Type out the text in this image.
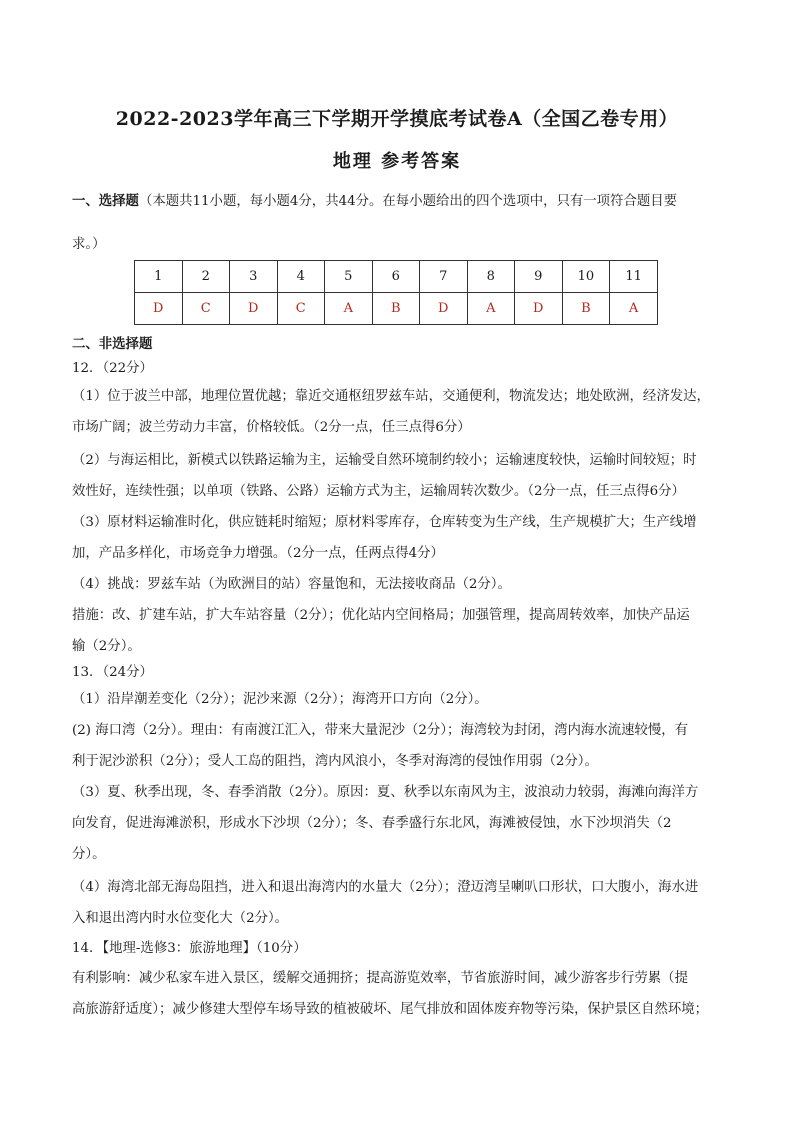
2022-2023学年高三下学期开学摸底考试卷A（全国乙卷专用）
地理 参考答案
一、选择题（本题共11小题，每小题4分，共44分。在每小题给出的四个选项中，只有一项符合题目要
求。）
1	2	3	4	5	6	7	8	9	10	11
D	C	D	C	A	B	D	A	D	B	A
二、非选择题
12．（22分）
（1）位于波兰中部，地理位置优越；靠近交通枢纽罗兹车站，交通便利，物流发达；地处欧洲，经济发达，
市场广阔；波兰劳动力丰富，价格较低。（2分一点，任三点得6分）
（2）与海运相比，新模式以铁路运输为主，运输受自然环境制约较小；运输速度较快，运输时间较短；时
效性好，连续性强；以单项（铁路、公路）运输方式为主，运输周转次数少。（2分一点，任三点得6分）
（3）原材料运输准时化，供应链耗时缩短；原材料零库存，仓库转变为生产线，生产规模扩大；生产线增
加，产品多样化，市场竞争力增强。（2分一点，任两点得4分）
（4）挑战：罗兹车站（为欧洲目的站）容量饱和，无法接收商品（2分）。
措施：改、扩建车站，扩大车站容量（2分）；优化站内空间格局；加强管理，提高周转效率，加快产品运
输（2分）。
13．（24分）
（1）沿岸潮差变化（2分）；泥沙来源（2分）；海湾开口方向（2分）。
(2) 海口湾（2分）。理由：有南渡江汇入，带来大量泥沙（2分）；海湾较为封闭，湾内海水流速较慢，有
利于泥沙淤积（2分）；受人工岛的阻挡，湾内风浪小，冬季对海湾的侵蚀作用弱（2分）。
（3）夏、秋季出现，冬、春季消散（2分）。原因：夏、秋季以东南风为主，波浪动力较弱，海滩向海洋方
向发育，促进海滩淤积，形成水下沙坝（2分）；冬、春季盛行东北风，海滩被侵蚀，水下沙坝消失（2
分）。
（4）海湾北部无海岛阻挡，进入和退出海湾内的水量大（2分）；澄迈湾呈喇叭口形状，口大腹小，海水进
入和退出湾内时水位变化大（2分）。
14．【地理-选修3：旅游地理】（10分）
有利影响：减少私家车进入景区，缓解交通拥挤；提高游览效率，节省旅游时间，减少游客步行劳累（提
高旅游舒适度）；减少修建大型停车场导致的植被破坏、尾气排放和固体废弃物等污染，保护景区自然环境；
